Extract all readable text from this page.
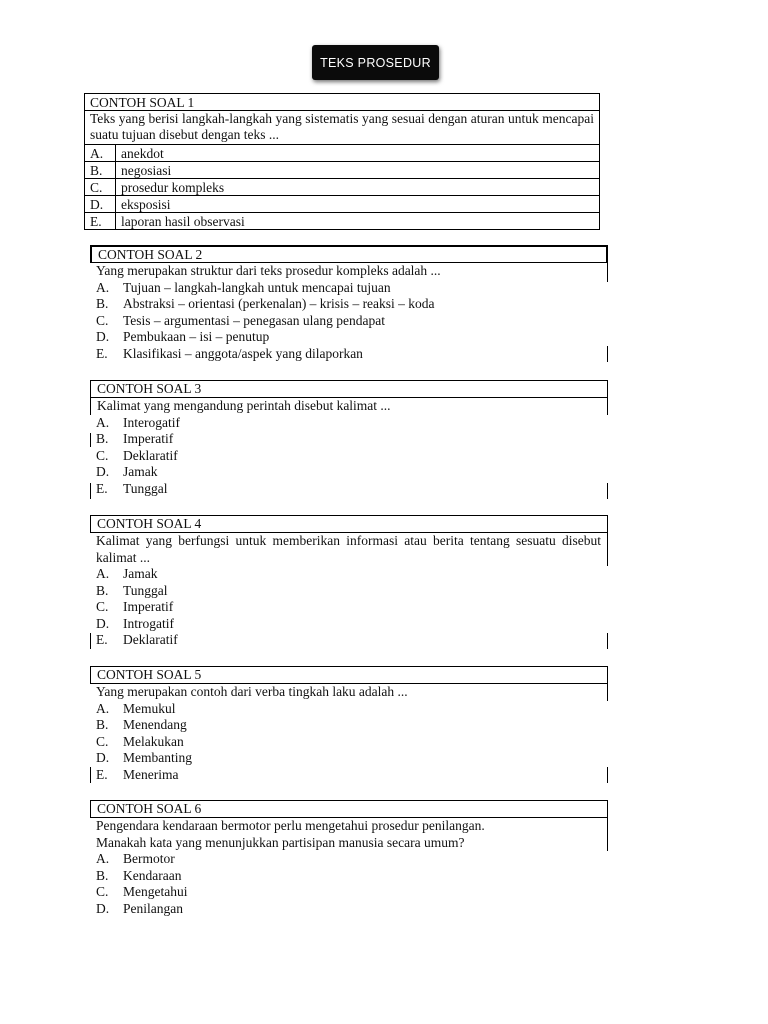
TEKS PROSEDUR
CONTOH SOAL 1	
Teks yang berisi langkah-langkah yang sistematis yang sesuai dengan aturan untuk mencapai suatu tujuan disebut dengan teks ...	
A.	anekdot
B.	negosiasi
C.	prosedur kompleks
D.	eksposisi
E.	laporan hasil observasi
CONTOH SOAL 2
Yang merupakan struktur dari teks prosedur kompleks adalah ...
A. Tujuan – langkah-langkah untuk mencapai tujuan
B. Abstraksi – orientasi (perkenalan) – krisis – reaksi – koda
C. Tesis – argumentasi – penegasan ulang pendapat
D. Pembukaan – isi – penutup
E. Klasifikasi – anggota/aspek yang dilaporkan
CONTOH SOAL 3
Kalimat yang mengandung perintah disebut kalimat ...
A. Interogatif
B. Imperatif
C. Deklaratif
D. Jamak
E. Tunggal
CONTOH SOAL 4
Kalimat yang berfungsi untuk memberikan informasi atau berita tentang sesuatu disebut kalimat ...
A. Jamak
B. Tunggal
C. Imperatif
D. Introgatif
E. Deklaratif
CONTOH SOAL 5
Yang merupakan contoh dari verba tingkah laku adalah ...
A. Memukul
B. Menendang
C. Melakukan
D. Membanting
E. Menerima
CONTOH SOAL 6
Pengendara kendaraan bermotor perlu mengetahui prosedur penilangan.
Manakah kata yang menunjukkan partisipan manusia secara umum?
A. Bermotor
B. Kendaraan
C. Mengetahui
D. Penilangan
